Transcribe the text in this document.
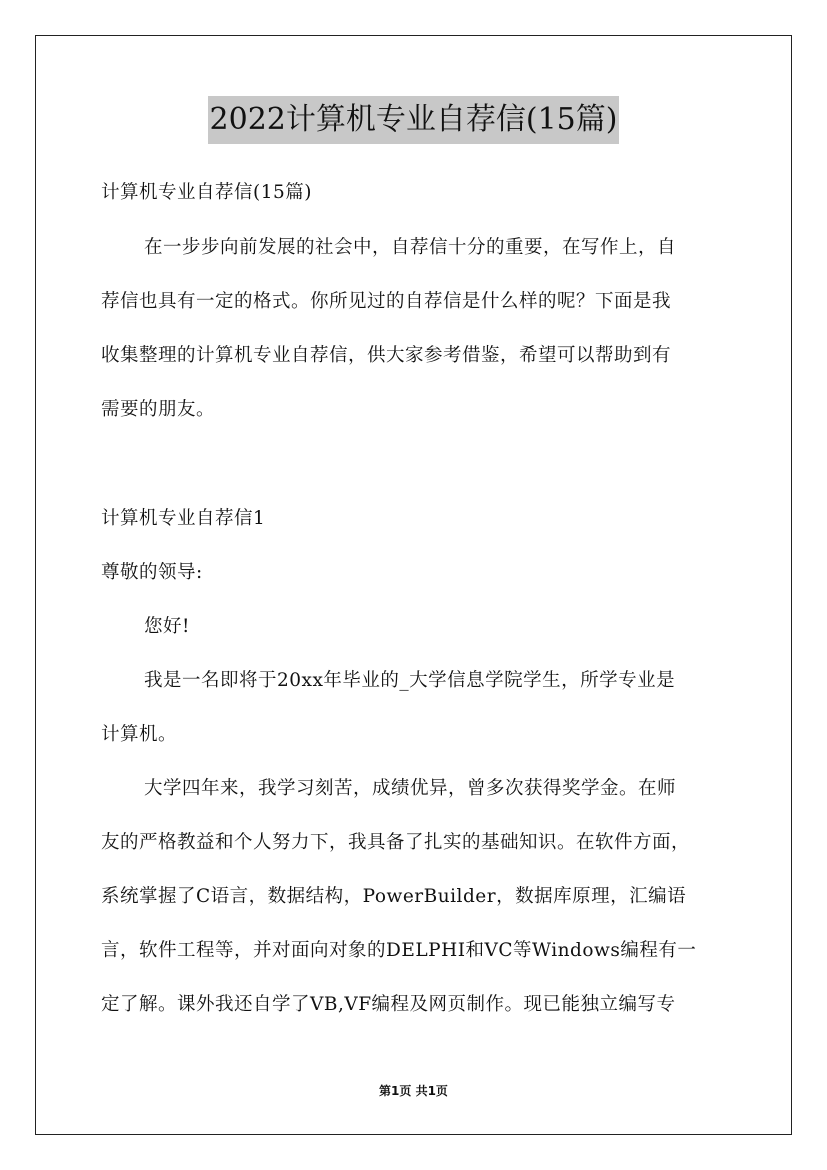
2022计算机专业自荐信(15篇)
计算机专业自荐信(15篇)
在一步步向前发展的社会中，自荐信十分的重要，在写作上，自
荐信也具有一定的格式。你所见过的自荐信是什么样的呢？下面是我
收集整理的计算机专业自荐信，供大家参考借鉴，希望可以帮助到有
需要的朋友。
计算机专业自荐信1
尊敬的领导:
您好!
我是一名即将于20xx年毕业的_大学信息学院学生，所学专业是
计算机。
大学四年来，我学习刻苦，成绩优异，曾多次获得奖学金。在师
友的严格教益和个人努力下，我具备了扎实的基础知识。在软件方面，
系统掌握了C语言，数据结构，PowerBuilder，数据库原理，汇编语
言，软件工程等，并对面向对象的DELPHI和VC等Windows编程有一
定了解。课外我还自学了VB,VF编程及网页制作。现已能独立编写专
第1页 共1页
